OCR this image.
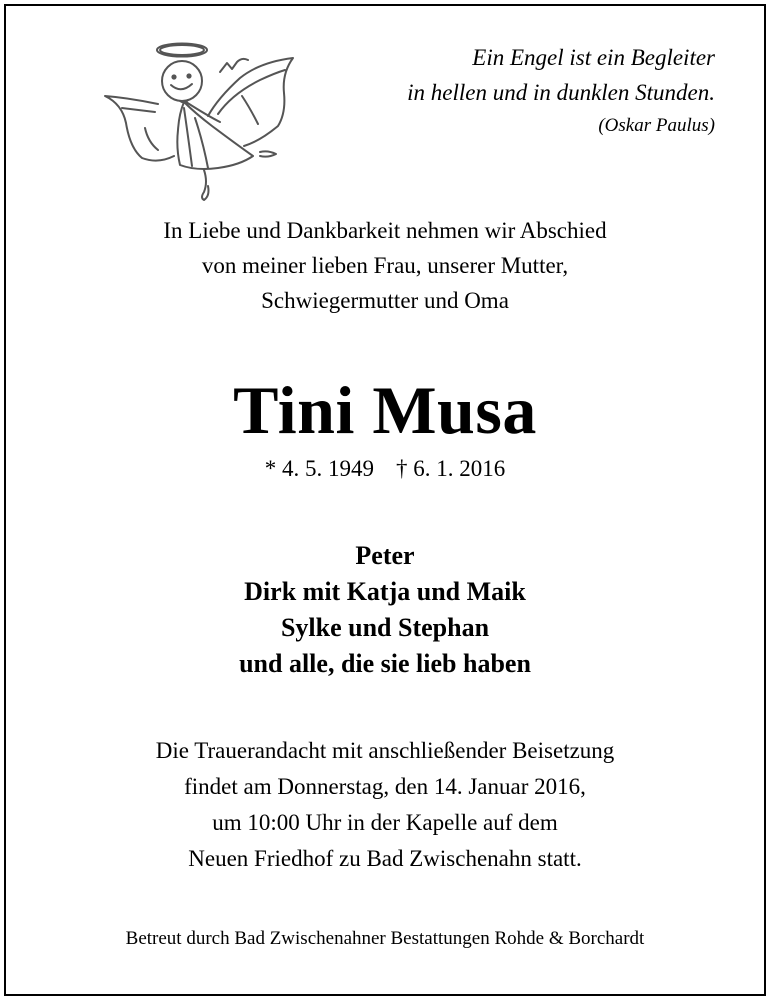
Ein Engel ist ein Begleiter
in hellen und in dunklen Stunden.
(Oskar Paulus)
In Liebe und Dankbarkeit nehmen wir Abschied
von meiner lieben Frau, unserer Mutter,
Schwiegermutter und Oma
Tini Musa
* 4. 5. 1949 † 6. 1. 2016
Peter
Dirk mit Katja und Maik
Sylke und Stephan
und alle, die sie lieb haben
Die Trauerandacht mit anschließender Beisetzung
findet am Donnerstag, den 14. Januar 2016,
um 10:00 Uhr in der Kapelle auf dem
Neuen Friedhof zu Bad Zwischenahn statt.
Betreut durch Bad Zwischenahner Bestattungen Rohde & Borchardt
